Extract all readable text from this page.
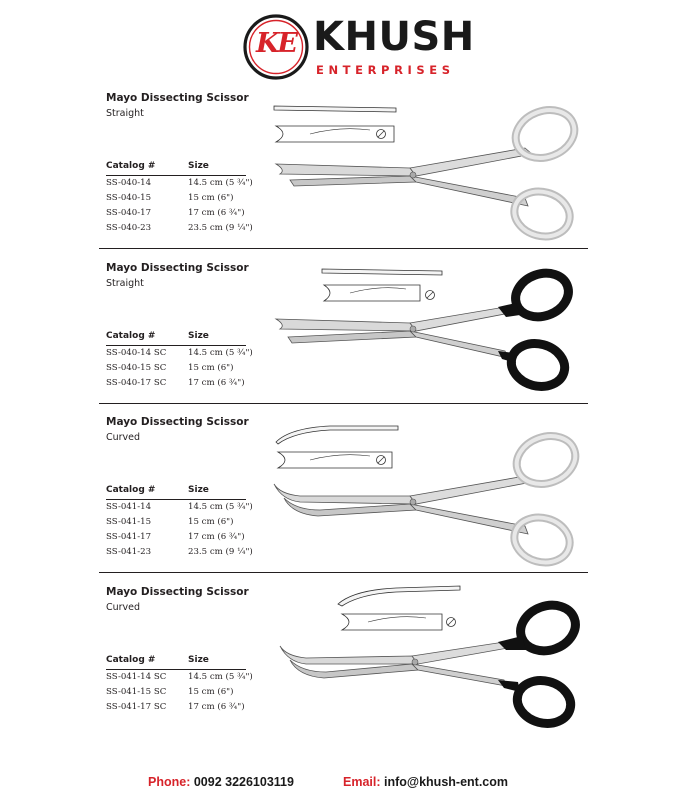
KE KHUSH
ENTERPRISES
Mayo Dissecting Scissor
Straight
Catalog #	Size
SS-040-14	14.5 cm (5 ¾")
SS-040-15	15 cm (6")
SS-040-17	17 cm (6 ¾")
SS-040-23	23.5 cm (9 ¼")
Mayo Dissecting Scissor
Straight
Catalog #	Size
SS-040-14 SC	14.5 cm (5 ¾")
SS-040-15 SC	15 cm (6")
SS-040-17 SC	17 cm (6 ¾")
Mayo Dissecting Scissor
Curved
Catalog #	Size
SS-041-14	14.5 cm (5 ¾")
SS-041-15	15 cm (6")
SS-041-17	17 cm (6 ¾")
SS-041-23	23.5 cm (9 ¼")
Mayo Dissecting Scissor
Curved
Catalog #	Size
SS-041-14 SC	14.5 cm (5 ¾")
SS-041-15 SC	15 cm (6")
SS-041-17 SC	17 cm (6 ¾")
Phone: 0092 3226103119	Email: info@khush-ent.com
